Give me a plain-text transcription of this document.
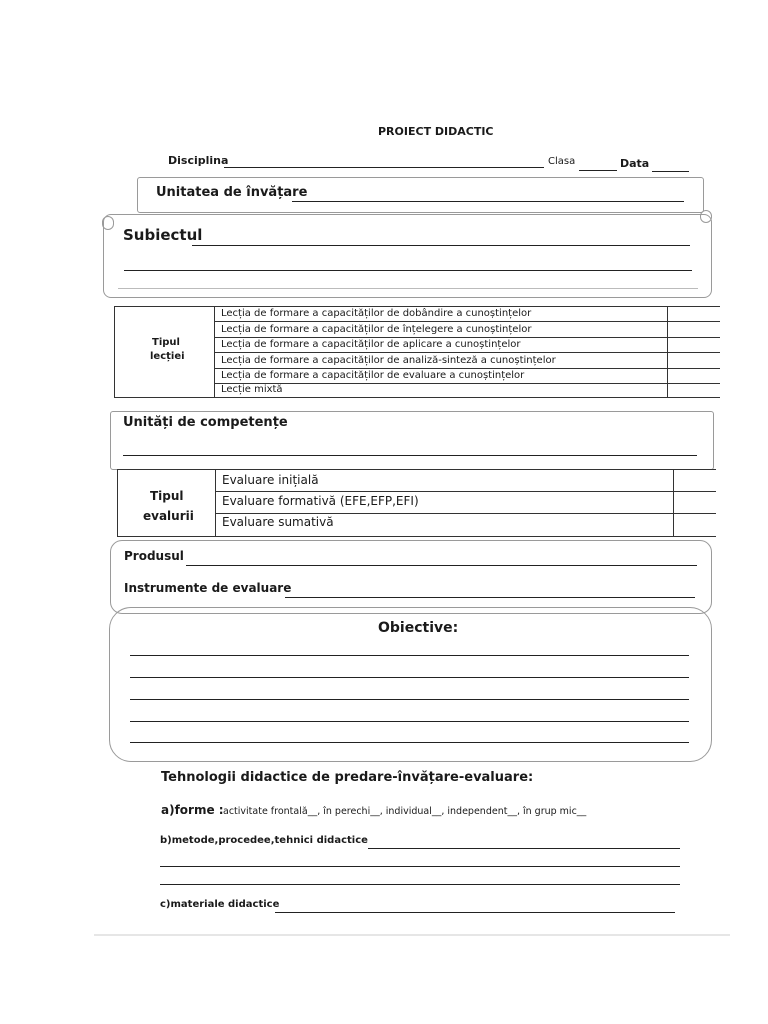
PROIECT DIDACTIC
Disciplina	Clasa	Data
Unitatea de învățare
Subiectul
Tipul
lecției
Lecția de formare a capacităților de dobândire a cunoștințelor
Lecția de formare a capacităților de înțelegere a cunoștințelor
Lecția de formare a capacităților de aplicare a cunoștințelor
Lecția de formare a capacităților de analiză-sinteză a cunoștințelor
Lecția de formare a capacităților de evaluare a cunoștințelor
Lecție mixtă
Unități de competențe
Tipul
evalurii
Evaluare inițială
Evaluare formativă (EFE,EFP,EFI)
Evaluare sumativă
Produsul
Instrumente de evaluare
Obiective:
Tehnologii didactice de predare-învățare-evaluare:
a)forme : activitate frontală__, în perechi__, individual__, independent__, în grup mic__
b)metode,procedee,tehnici didactice
c)materiale didactice
